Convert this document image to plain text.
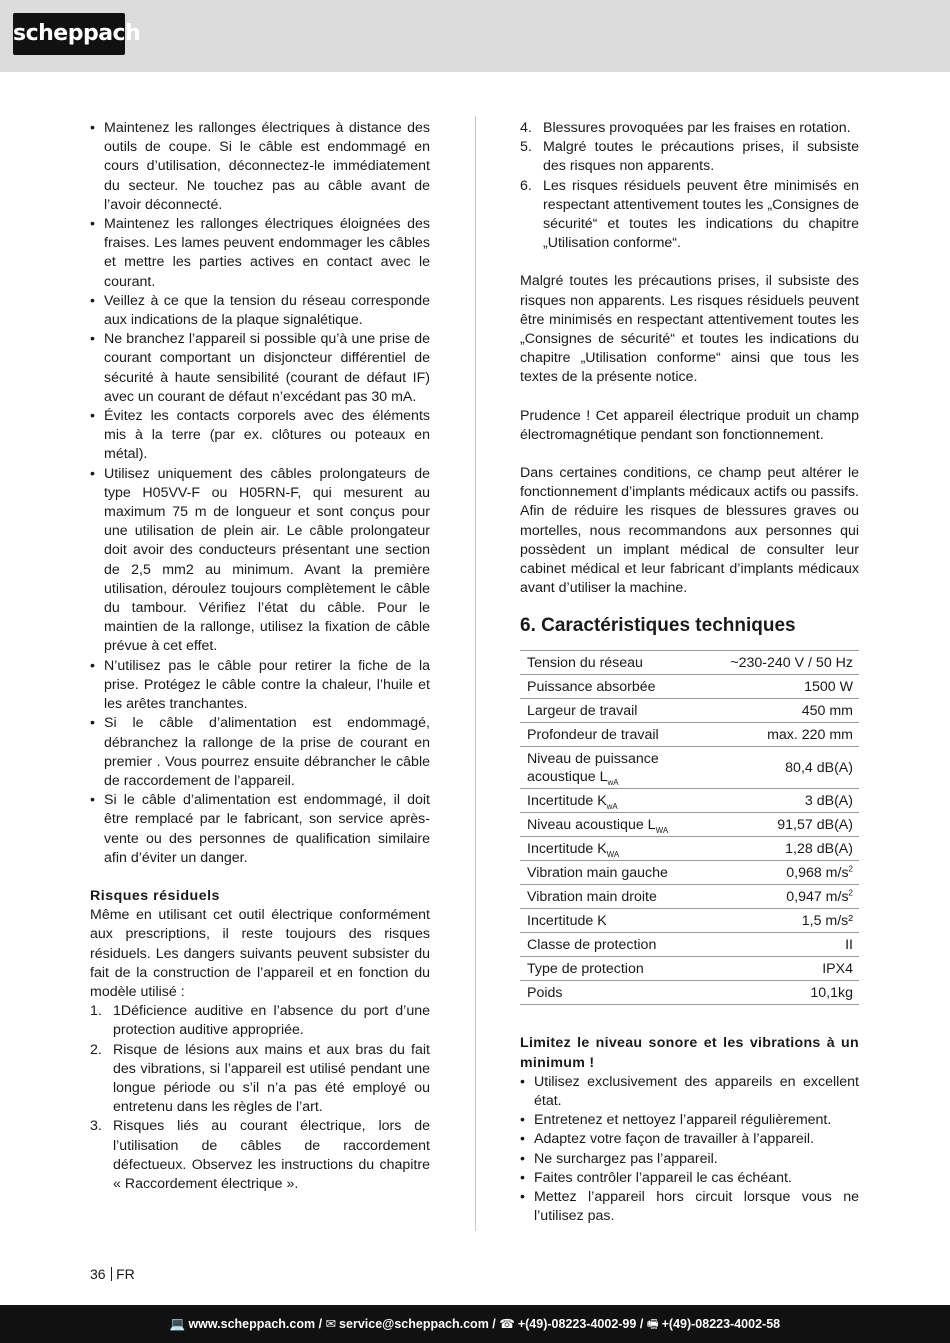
scheppach
• Maintenez les rallonges électriques à distance des outils de coupe. Si le câble est endommagé en cours d’utilisation, déconnectez-le immédiatement du secteur. Ne touchez pas au câble avant de l’avoir déconnecté.
• Maintenez les rallonges électriques éloignées des fraises. Les lames peuvent endommager les câbles et mettre les parties actives en contact avec le courant.
• Veillez à ce que la tension du réseau corresponde aux indications de la plaque signalétique.
• Ne branchez l’appareil si possible qu’à une prise de courant comportant un disjoncteur différentiel de sécurité à haute sensibilité (courant de défaut IF) avec un courant de défaut n’excédant pas 30 mA.
• Évitez les contacts corporels avec des éléments mis à la terre (par ex. clôtures ou poteaux en métal).
• Utilisez uniquement des câbles prolongateurs de type H05VV-F ou H05RN-F, qui mesurent au maximum 75 m de longueur et sont conçus pour une utilisation de plein air. Le câble prolongateur doit avoir des conducteurs présentant une section de 2,5 mm2 au minimum. Avant la première utilisation, déroulez toujours complètement le câble du tambour. Vérifiez l’état du câble. Pour le maintien de la rallonge, utilisez la fixation de câble prévue à cet effet.
• N’utilisez pas le câble pour retirer la fiche de la prise. Protégez le câble contre la chaleur, l’huile et les arêtes tranchantes.
• Si le câble d’alimentation est endommagé, débranchez la rallonge de la prise de courant en premier . Vous pourrez ensuite débrancher le câble de raccordement de l’appareil.
• Si le câble d’alimentation est endommagé, il doit être remplacé par le fabricant, son service après-vente ou des personnes de qualification similaire afin d’éviter un danger.
Risques résiduels

Même en utilisant cet outil électrique conformément aux prescriptions, il reste toujours des risques résiduels. Les dangers suivants peuvent subsister du fait de la construction de l’appareil et en fonction du modèle utilisé :

1. 1Déficience auditive en l’absence du port d’une protection auditive appropriée.
2. Risque de lésions aux mains et aux bras du fait des vibrations, si l’appareil est utilisé pendant une longue période ou s’il n’a pas été employé ou entretenu dans les règles de l’art.
3. Risques liés au courant électrique, lors de l’utilisation de câbles de raccordement défectueux. Observez les instructions du chapitre « Raccordement électrique ».
4. Blessures provoquées par les fraises en rotation.
5. Malgré toutes le précautions prises, il subsiste des risques non apparents.
6. Les risques résiduels peuvent être minimisés en respectant attentivement toutes les „Consignes de sécurité“ et toutes les indications du chapitre „Utilisation conforme“.

Malgré toutes les précautions prises, il subsiste des risques non apparents. Les risques résiduels peuvent être minimisés en respectant attentivement toutes les „Consignes de sécurité“ et toutes les indications du chapitre „Utilisation conforme“ ainsi que tous les textes de la présente notice.

Prudence ! Cet appareil électrique produit un champ électromagnétique pendant son fonctionnement.

Dans certaines conditions, ce champ peut altérer le fonctionnement d’implants médicaux actifs ou passifs. Afin de réduire les risques de blessures graves ou mortelles, nous recommandons aux personnes qui possèdent un implant médical de consulter leur cabinet médical et leur fabricant d’implants médicaux avant d’utiliser la machine.

6. Caractéristiques techniques
Tension du réseau	~230-240 V / 50 Hz
Puissance absorbée	1500 W
Largeur de travail	450 mm
Profondeur de travail	max. 220 mm
Niveau de puissance acoustique $L_{wA}$	80,4 dB(A)
Incertitude $K_{wA}$	3 dB(A)
Niveau acoustique $L_{WA}$	91,57 dB(A)
Incertitude $K_{WA}$	1,28 dB(A)
Vibration main gauche	0,968 $m/s^2$
Vibration main droite	0,947 $m/s^2$
Incertitude K	1,5 m/s²
Classe de protection	II
Type de protection	IPX4
Poids	10,1kg

Limitez le niveau sonore et les vibrations à un minimum !

• Utilisez exclusivement des appareils en excellent état.
• Entretenez et nettoyez l’appareil régulièrement.
• Adaptez votre façon de travailler à l’appareil.
• Ne surchargez pas l’appareil.
• Faites contrôler l’appareil le cas échéant.
• Mettez l’appareil hors circuit lorsque vous ne l’utilisez pas.
36 FR
💻 www.scheppach.com / ✉ service@scheppach.com / ☎ +(49)-08223-4002-99 / 🖷 +(49)-08223-4002-58
